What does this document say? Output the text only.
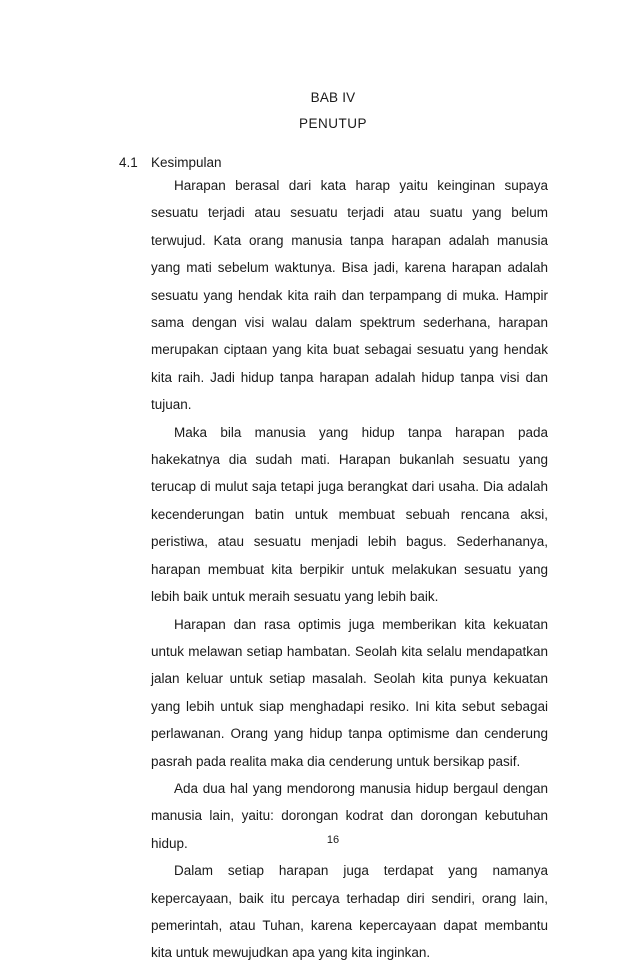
BAB IV
PENUTUP
4.1 Kesimpulan

Harapan berasal dari kata harap yaitu keinginan supaya sesuatu terjadi atau sesuatu terjadi atau suatu yang belum terwujud. Kata orang manusia tanpa harapan adalah manusia yang mati sebelum waktunya. Bisa jadi, karena harapan adalah sesuatu yang hendak kita raih dan terpampang di muka. Hampir sama dengan visi walau dalam spektrum sederhana, harapan merupakan ciptaan yang kita buat sebagai sesuatu yang hendak kita raih. Jadi hidup tanpa harapan adalah hidup tanpa visi dan tujuan.

Maka bila manusia yang hidup tanpa harapan pada hakekatnya dia sudah mati. Harapan bukanlah sesuatu yang terucap di mulut saja tetapi juga berangkat dari usaha. Dia adalah kecenderungan batin untuk membuat sebuah rencana aksi, peristiwa, atau sesuatu menjadi lebih bagus. Sederhananya, harapan membuat kita berpikir untuk melakukan sesuatu yang lebih baik untuk meraih sesuatu yang lebih baik.

Harapan dan rasa optimis juga memberikan kita kekuatan untuk melawan setiap hambatan. Seolah kita selalu mendapatkan jalan keluar untuk setiap masalah. Seolah kita punya kekuatan yang lebih untuk siap menghadapi resiko. Ini kita sebut sebagai perlawanan. Orang yang hidup tanpa optimisme dan cenderung pasrah pada realita maka dia cenderung untuk bersikap pasif.

Ada dua hal yang mendorong manusia hidup bergaul dengan manusia lain, yaitu: dorongan kodrat dan dorongan kebutuhan hidup.

Dalam setiap harapan juga terdapat yang namanya kepercayaan, baik itu percaya terhadap diri sendiri, orang lain, pemerintah, atau Tuhan, karena kepercayaan dapat membantu kita untuk mewujudkan apa yang kita inginkan.

16
